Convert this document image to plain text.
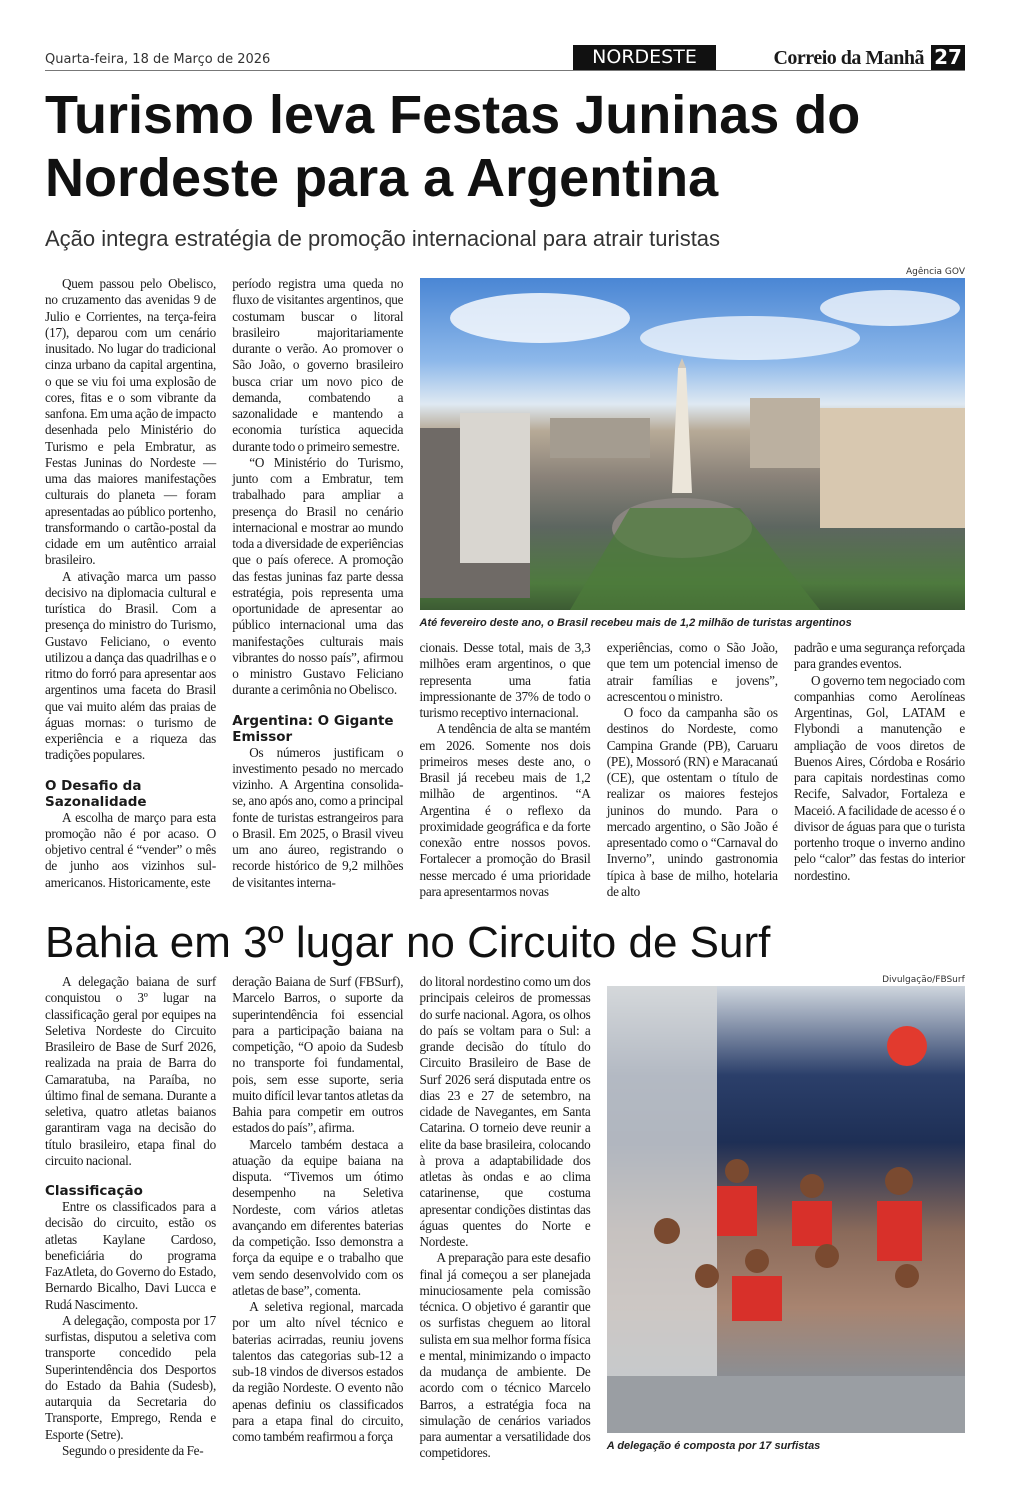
Quarta-feira, 18 de Março de 2026	NORDESTE	Correio da Manhã 27
Turismo leva Festas Juninas do Nordeste para a Argentina
Ação integra estratégia de promoção internacional para atrair turistas

Quem passou pelo Obelisco, no cruzamento das avenidas 9 de Julio e Corrientes, na terça-feira (17), deparou com um cenário inusitado. No lugar do tradicional cinza urbano da capital argentina, o que se viu foi uma explosão de cores, fitas e o som vibrante da sanfona. Em uma ação de impacto desenhada pelo Ministério do Turismo e pela Embratur, as Festas Juninas do Nordeste — uma das maiores manifestações culturais do planeta — foram apresentadas ao público portenho, transformando o cartão-postal da cidade em um autêntico arraial brasileiro.

A ativação marca um passo decisivo na diplomacia cultural e turística do Brasil. Com a presença do ministro do Turismo, Gustavo Feliciano, o evento utilizou a dança das quadrilhas e o ritmo do forró para apresentar aos argentinos uma faceta do Brasil que vai muito além das praias de águas mornas: o turismo de experiência e a riqueza das tradições populares.

O Desafio da Sazonalidade

A escolha de março para esta promoção não é por acaso. O objetivo central é “vender” o mês de junho aos vizinhos sul-americanos. Historicamente, este

período registra uma queda no fluxo de visitantes argentinos, que costumam buscar o litoral brasileiro majoritariamente durante o verão. Ao promover o São João, o governo brasileiro busca criar um novo pico de demanda, combatendo a sazonalidade e mantendo a economia turística aquecida durante todo o primeiro semestre.

“O Ministério do Turismo, junto com a Embratur, tem trabalhado para ampliar a presença do Brasil no cenário internacional e mostrar ao mundo toda a diversidade de experiências que o país oferece. A promoção das festas juninas faz parte dessa estratégia, pois representa uma oportunidade de apresentar ao público internacional uma das manifestações culturais mais vibrantes do nosso país”, afirmou o ministro Gustavo Feliciano durante a cerimônia no Obelisco.

Argentina: O Gigante Emissor

Os números justificam o investimento pesado no mercado vizinho. A Argentina consolida-se, ano após ano, como a principal fonte de turistas estrangeiros para o Brasil. Em 2025, o Brasil viveu um ano áureo, registrando o recorde histórico de 9,2 milhões de visitantes interna-

Agência GOV
Até fevereiro deste ano, o Brasil recebeu mais de 1,2 milhão de turistas argentinos

cionais. Desse total, mais de 3,3 milhões eram argentinos, o que representa uma fatia impressionante de 37% de todo o turismo receptivo internacional.

A tendência de alta se mantém em 2026. Somente nos dois primeiros meses deste ano, o Brasil já recebeu mais de 1,2 milhão de argentinos. “A Argentina é o reflexo da proximidade geográfica e da forte conexão entre nossos povos. Fortalecer a promoção do Brasil nesse mercado é uma prioridade para apresentarmos novas

experiências, como o São João, que tem um potencial imenso de atrair famílias e jovens”, acrescentou o ministro.

O foco da campanha são os destinos do Nordeste, como Campina Grande (PB), Caruaru (PE), Mossoró (RN) e Maracanaú (CE), que ostentam o título de realizar os maiores festejos juninos do mundo. Para o mercado argentino, o São João é apresentado como o “Carnaval do Inverno”, unindo gastronomia típica à base de milho, hotelaria de alto

padrão e uma segurança reforçada para grandes eventos.

O governo tem negociado com companhias como Aerolíneas Argentinas, Gol, LATAM e Flybondi a manutenção e ampliação de voos diretos de Buenos Aires, Córdoba e Rosário para capitais nordestinas como Recife, Salvador, Fortaleza e Maceió. A facilidade de acesso é o divisor de águas para que o turista portenho troque o inverno andino pelo “calor” das festas do interior nordestino.

Bahia em 3º lugar no Circuito de Surf

A delegação baiana de surf conquistou o 3º lugar na classificação geral por equipes na Seletiva Nordeste do Circuito Brasileiro de Base de Surf 2026, realizada na praia de Barra do Camaratuba, na Paraíba, no último final de semana. Durante a seletiva, quatro atletas baianos garantiram vaga na decisão do título brasileiro, etapa final do circuito nacional.

Classificação

Entre os classificados para a decisão do circuito, estão os atletas Kaylane Cardoso, beneficiária do programa FazAtleta, do Governo do Estado, Bernardo Bicalho, Davi Lucca e Rudá Nascimento.

A delegação, composta por 17 surfistas, disputou a seletiva com transporte concedido pela Superintendência dos Desportos do Estado da Bahia (Sudesb), autarquia da Secretaria do Transporte, Emprego, Renda e Esporte (Setre).

Segundo o presidente da Fe-

deração Baiana de Surf (FBSurf), Marcelo Barros, o suporte da superintendência foi essencial para a participação baiana na competição, “O apoio da Sudesb no transporte foi fundamental, pois, sem esse suporte, seria muito difícil levar tantos atletas da Bahia para competir em outros estados do país”, afirma.

Marcelo também destaca a atuação da equipe baiana na disputa. “Tivemos um ótimo desempenho na Seletiva Nordeste, com vários atletas avançando em diferentes baterias da competição. Isso demonstra a força da equipe e o trabalho que vem sendo desenvolvido com os atletas de base”, comenta.

A seletiva regional, marcada por um alto nível técnico e baterias acirradas, reuniu jovens talentos das categorias sub-12 a sub-18 vindos de diversos estados da região Nordeste. O evento não apenas definiu os classificados para a etapa final do circuito, como também reafirmou a força

do litoral nordestino como um dos principais celeiros de promessas do surfe nacional. Agora, os olhos do país se voltam para o Sul: a grande decisão do título do Circuito Brasileiro de Base de Surf 2026 será disputada entre os dias 23 e 27 de setembro, na cidade de Navegantes, em Santa Catarina. O torneio deve reunir a elite da base brasileira, colocando à prova a adaptabilidade dos atletas às ondas e ao clima catarinense, que costuma apresentar condições distintas das águas quentes do Norte e Nordeste.

A preparação para este desafio final já começou a ser planejada minuciosamente pela comissão técnica. O objetivo é garantir que os surfistas cheguem ao litoral sulista em sua melhor forma física e mental, minimizando o impacto da mudança de ambiente. De acordo com o técnico Marcelo Barros, a estratégia foca na simulação de cenários variados para aumentar a versatilidade dos competidores.

Divulgação/FBSurf
A delegação é composta por 17 surfistas
